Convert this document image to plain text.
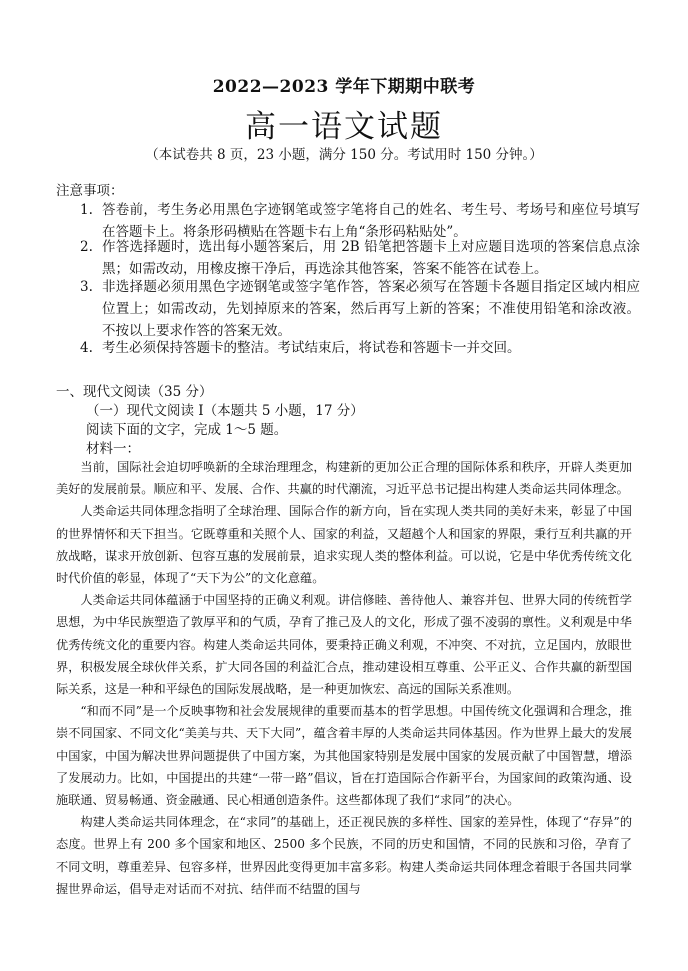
2022—2023 学年下期期中联考
高一语文试题
（本试卷共 8 页，23 小题，满分 150 分。考试用时 150 分钟。）
注意事项：
1. 答卷前，考生务必用黑色字迹钢笔或签字笔将自己的姓名、考生号、考场号和座位号填写在答题卡上。将条形码横贴在答题卡右上角“条形码粘贴处”。
2. 作答选择题时，选出每小题答案后，用 2B 铅笔把答题卡上对应题目选项的答案信息点涂黑；如需改动，用橡皮擦干净后，再选涂其他答案，答案不能答在试卷上。
3. 非选择题必须用黑色字迹钢笔或签字笔作答，答案必须写在答题卡各题目指定区域内相应位置上；如需改动，先划掉原来的答案，然后再写上新的答案；不准使用铅笔和涂改液。不按以上要求作答的答案无效。
4. 考生必须保持答题卡的整洁。考试结束后，将试卷和答题卡一并交回。
一、现代文阅读（35 分）
（一）现代文阅读 I（本题共 5 小题，17 分）
阅读下面的文字，完成 1～5 题。
材料一：

当前，国际社会迫切呼唤新的全球治理理念，构建新的更加公正合理的国际体系和秩序，开辟人类更加美好的发展前景。顺应和平、发展、合作、共赢的时代潮流，习近平总书记提出构建人类命运共同体理念。

人类命运共同体理念指明了全球治理、国际合作的新方向，旨在实现人类共同的美好未来，彰显了中国的世界情怀和天下担当。它既尊重和关照个人、国家的利益，又超越个人和国家的界限，秉行互利共赢的开放战略，谋求开放创新、包容互惠的发展前景，追求实现人类的整体利益。可以说，它是中华优秀传统文化时代价值的彰显，体现了“天下为公”的文化意蕴。

人类命运共同体蕴涵于中国坚持的正确义利观。讲信修睦、善待他人、兼容并包、世界大同的传统哲学思想，为中华民族塑造了敦厚平和的气质，孕育了推己及人的文化，形成了强不凌弱的禀性。义利观是中华优秀传统文化的重要内容。构建人类命运共同体，要秉持正确义利观，不冲突、不对抗，立足国内，放眼世界，积极发展全球伙伴关系，扩大同各国的利益汇合点，推动建设相互尊重、公平正义、合作共赢的新型国际关系，这是一种和平绿色的国际发展战略，是一种更加恢宏、高远的国际关系准则。

“和而不同”是一个反映事物和社会发展规律的重要而基本的哲学思想。中国传统文化强调和合理念，推崇不同国家、不同文化“美美与共、天下大同”，蕴含着丰厚的人类命运共同体基因。作为世界上最大的发展中国家，中国为解决世界问题提供了中国方案，为其他国家特别是发展中国家的发展贡献了中国智慧，增添了发展动力。比如，中国提出的共建“一带一路”倡议，旨在打造国际合作新平台，为国家间的政策沟通、设施联通、贸易畅通、资金融通、民心相通创造条件。这些都体现了我们“求同”的决心。

构建人类命运共同体理念，在“求同”的基础上，还正视民族的多样性、国家的差异性，体现了“存异”的态度。世界上有 200 多个国家和地区、2500 多个民族，不同的历史和国情，不同的民族和习俗，孕育了不同文明，尊重差异、包容多样，世界因此变得更加丰富多彩。构建人类命运共同体理念着眼于各国共同掌握世界命运，倡导走对话而不对抗、结伴而不结盟的国与
